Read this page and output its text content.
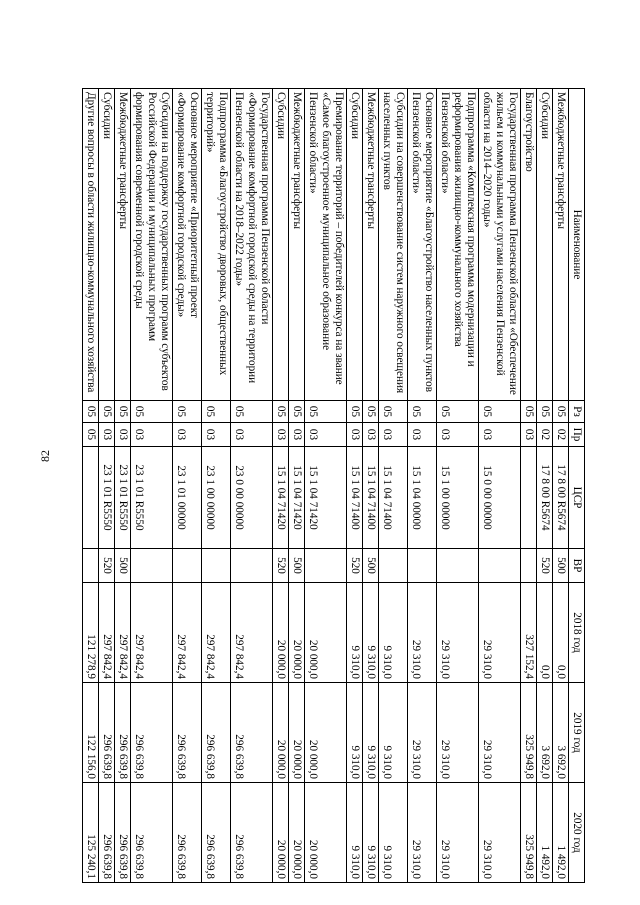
82
Наименование	Рз	Пр	ЦСР	ВР	2018 год	2019 год	2020 год
Межбюджетные трансферты	05	02	17 8 00 R5674	500	0,0	3 692,0	1 492,0
Субсидии	05	02	17 8 00 R5674	520	0,0	3 692,0	1 492,0
Благоустройство	05	03			327 152,4	325 949,8	325 949,8
Государственная программа Пензенской области «Обеспечение жильем и коммунальными услугами населения Пензенской области на 2014–2020 годы»	05	03	15 0 00 00000		29 310,0	29 310,0	29 310,0
Подпрограмма «Комплексная программа модернизации и реформирования жилищно-коммунального хозяйства Пензенской области»	05	03	15 1 00 00000		29 310,0	29 310,0	29 310,0
Основное мероприятие «Благоустройство населенных пунктов Пензенской области»	05	03	15 1 04 00000		29 310,0	29 310,0	29 310,0
Субсидии на совершенствование систем наружного освещения населенных пунктов	05	03	15 1 04 71400		9 310,0	9 310,0	9 310,0
Межбюджетные трансферты	05	03	15 1 04 71400	500	9 310,0	9 310,0	9 310,0
Субсидии	05	03	15 1 04 71400	520	9 310,0	9 310,0	9 310,0
Премирование территорий – победителей конкурса на звание «Самое благоустроенное муниципальное образование Пензенской области»	05	03	15 1 04 71420		20 000,0	20 000,0	20 000,0
Межбюджетные трансферты	05	03	15 1 04 71420	500	20 000,0	20 000,0	20 000,0
Субсидии	05	03	15 1 04 71420	520	20 000,0	20 000,0	20 000,0
Государственная программа Пензенской области «Формирование комфортной городской среды на территории Пензенской области на 2018–2022 годы»	05	03	23 0 00 00000		297 842,4	296 639,8	296 639,8
Подпрограмма «Благоустройство дворовых, общественных территорий»	05	03	23 1 00 00000		297 842,4	296 639,8	296 639,8
Основное мероприятие «Приоритетный проект «Формирование комфортной городской среды»	05	03	23 1 01 00000		297 842,4	296 639,8	296 639,8
Субсидии на поддержку государственных программ субъектов Российской Федерации и муниципальных программ формирования современной городской среды	05	03	23 1 01 R5550		297 842,4	296 639,8	296 639,8
Межбюджетные трансферты	05	03	23 1 01 R5550	500	297 842,4	296 639,8	296 639,8
Субсидии	05	03	23 1 01 R5550	520	297 842,4	296 639,8	296 639,8
Другие вопросы в области жилищно-коммунального хозяйства	05	05			121 278,9	122 156,0	125 240,1
